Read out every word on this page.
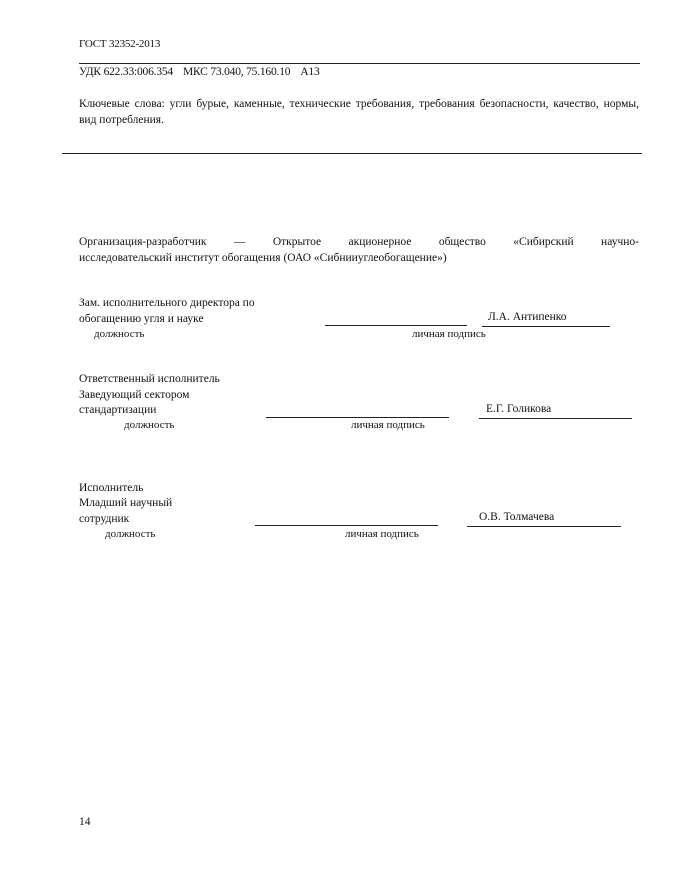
ГОСТ 32352-2013
УДК 622.33:006.354 МКС 73.040, 75.160.10 А13
Ключевые слова: угли бурые, каменные, технические требования, требования безопасности, качество, нормы, вид потребления.
Организация-разработчик — Открытое акционерное общество «Сибирский научно-
исследовательский институт обогащения (ОАО «Сибнииуглеобогащение»)
Зам. исполнительного директора по
обогащению угля и науке	Л.А. Антипенко
должность	личная подпись
Ответственный исполнитель
Заведующий сектором
стандартизации	Е.Г. Голикова
должность	личная подпись
Исполнитель
Младший научный
сотрудник	О.В. Толмачева
должность	личная подпись
14
